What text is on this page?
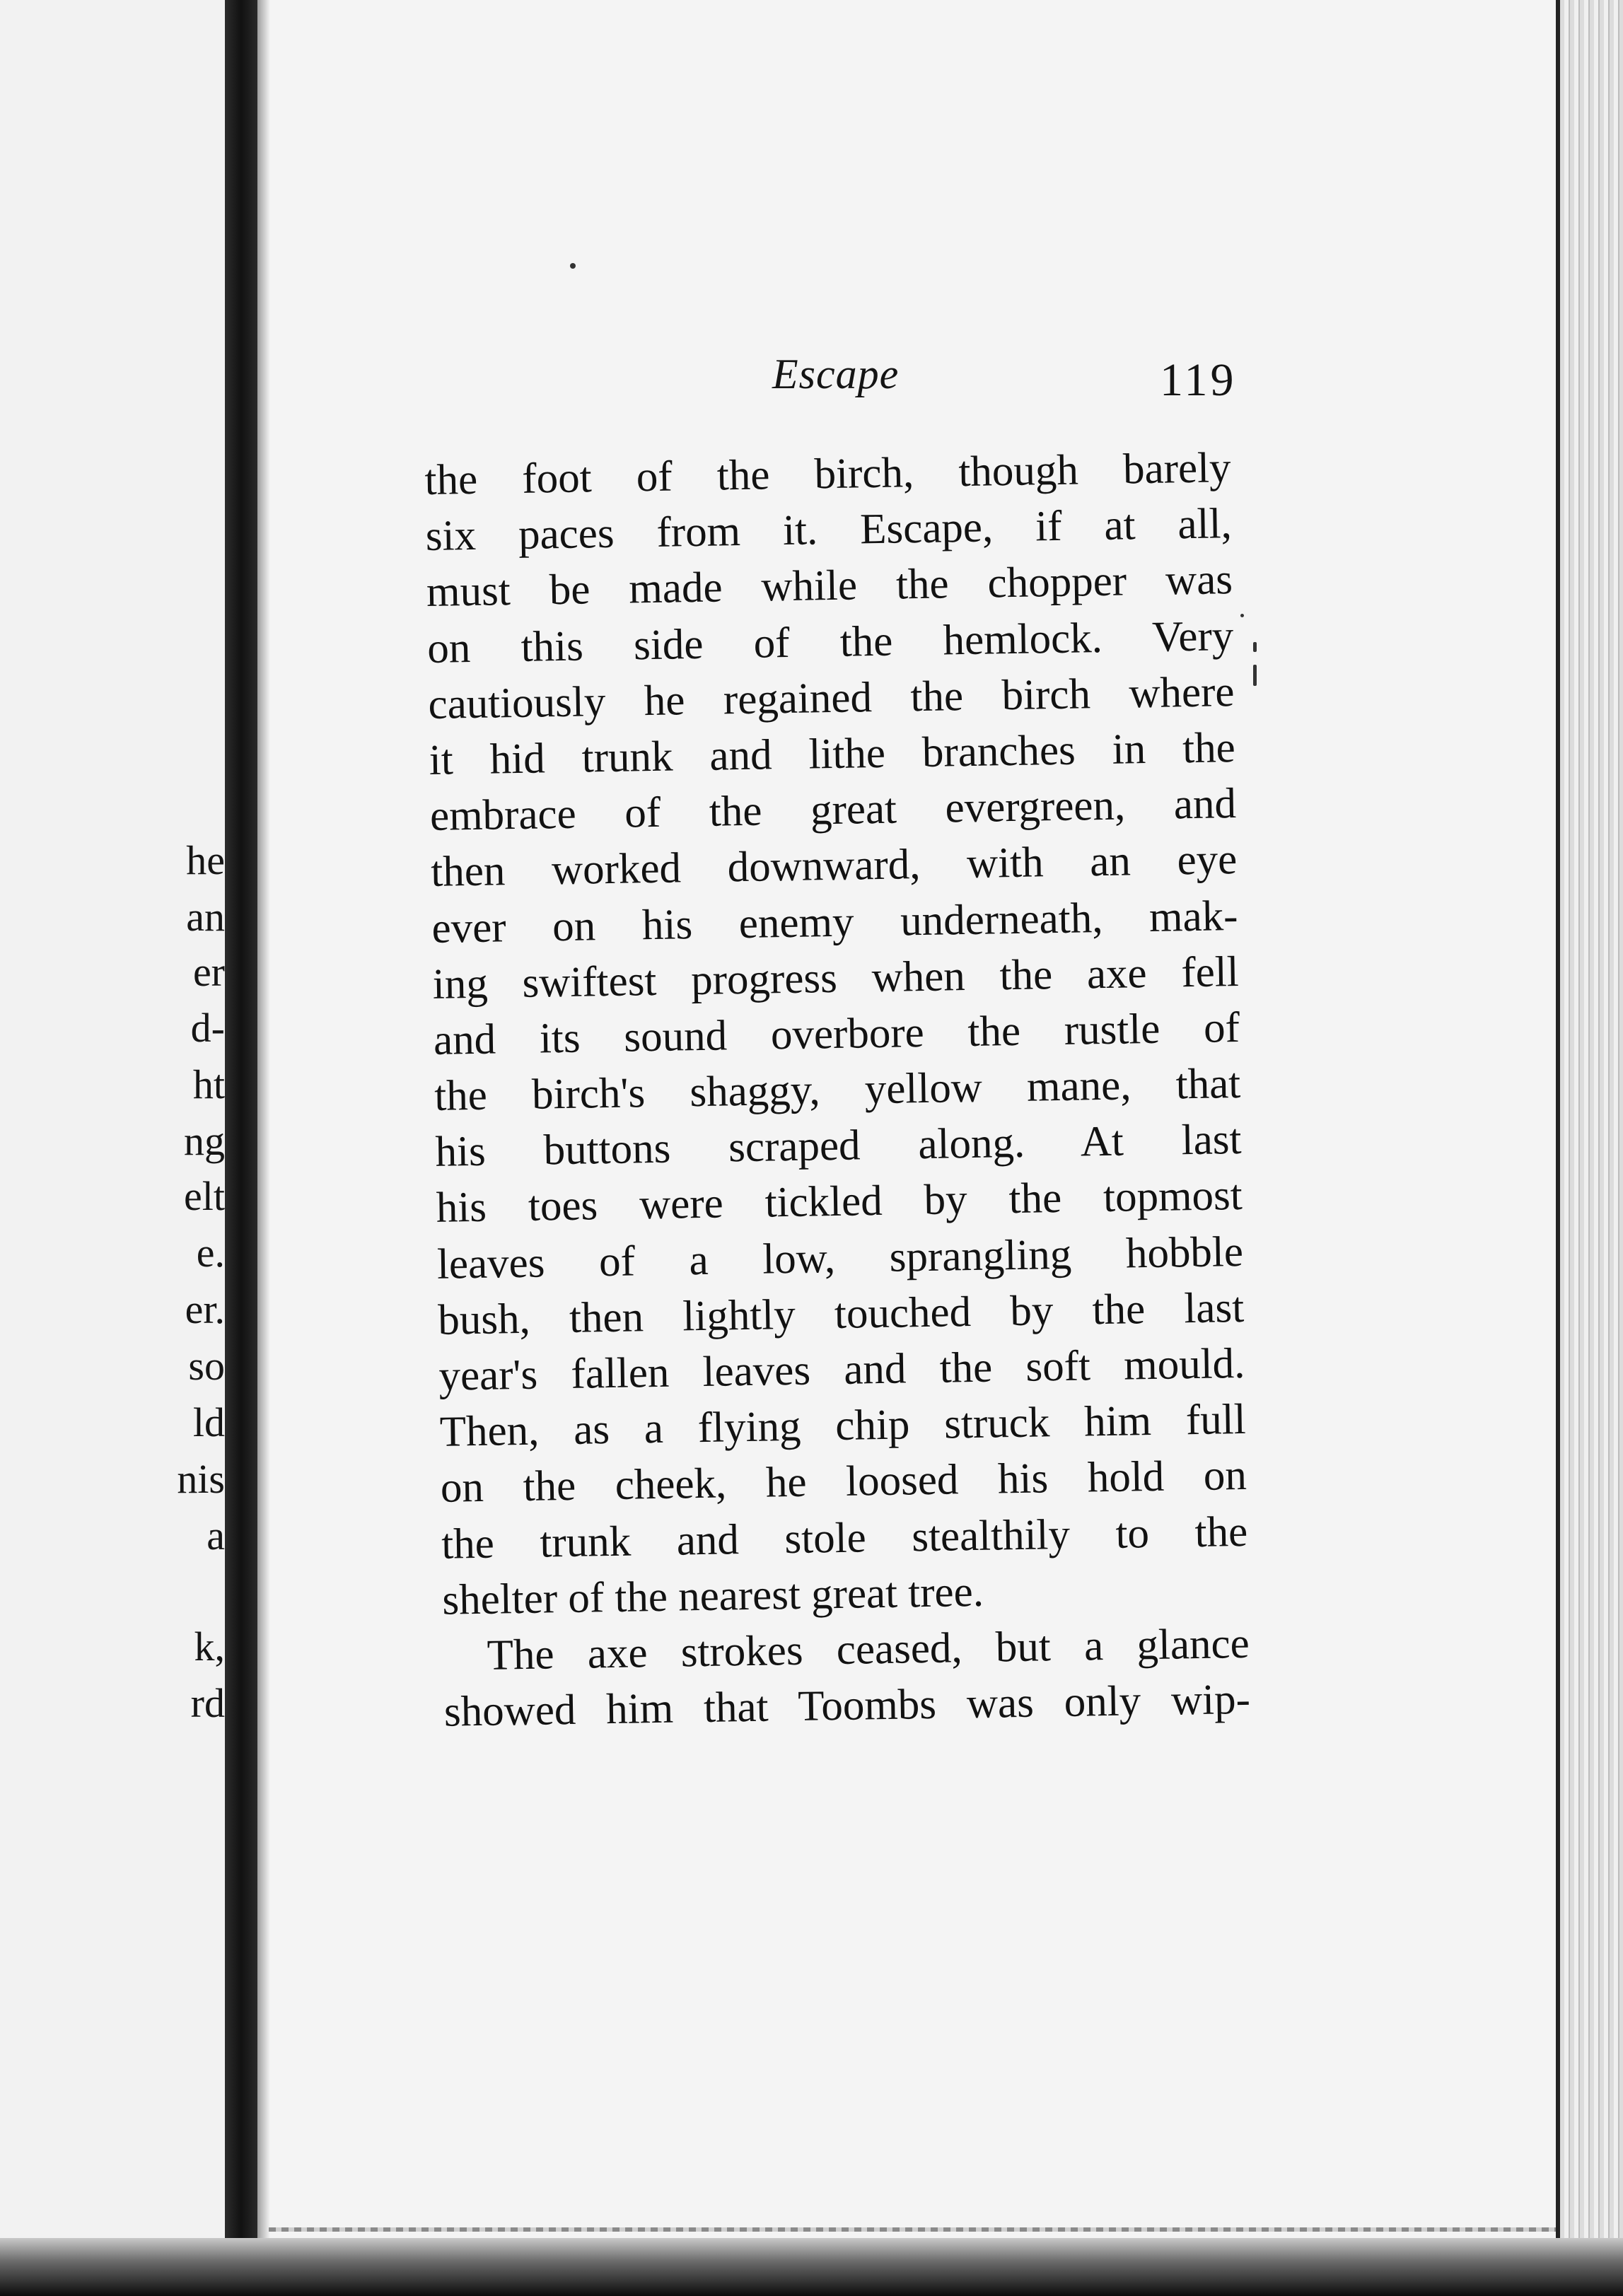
he
an
er
d-
ht
ng
elt
e.
er.
so
ld
nis
a
k,
rd
Escape	119
the foot of the birch, though barely
six paces from it. Escape, if at all,
must be made while the chopper was
on this side of the hemlock. Very
cautiously he regained the birch where
it hid trunk and lithe branches in the
embrace of the great evergreen, and
then worked downward, with an eye
ever on his enemy underneath, mak-
ing swiftest progress when the axe fell
and its sound overbore the rustle of
the birch's shaggy, yellow mane, that
his buttons scraped along. At last
his toes were tickled by the topmost
leaves of a low, sprangling hobble
bush, then lightly touched by the last
year's fallen leaves and the soft mould.
Then, as a flying chip struck him full
on the cheek, he loosed his hold on
the trunk and stole stealthily to the
shelter of the nearest great tree.
The axe strokes ceased, but a glance
showed him that Toombs was only wip-
